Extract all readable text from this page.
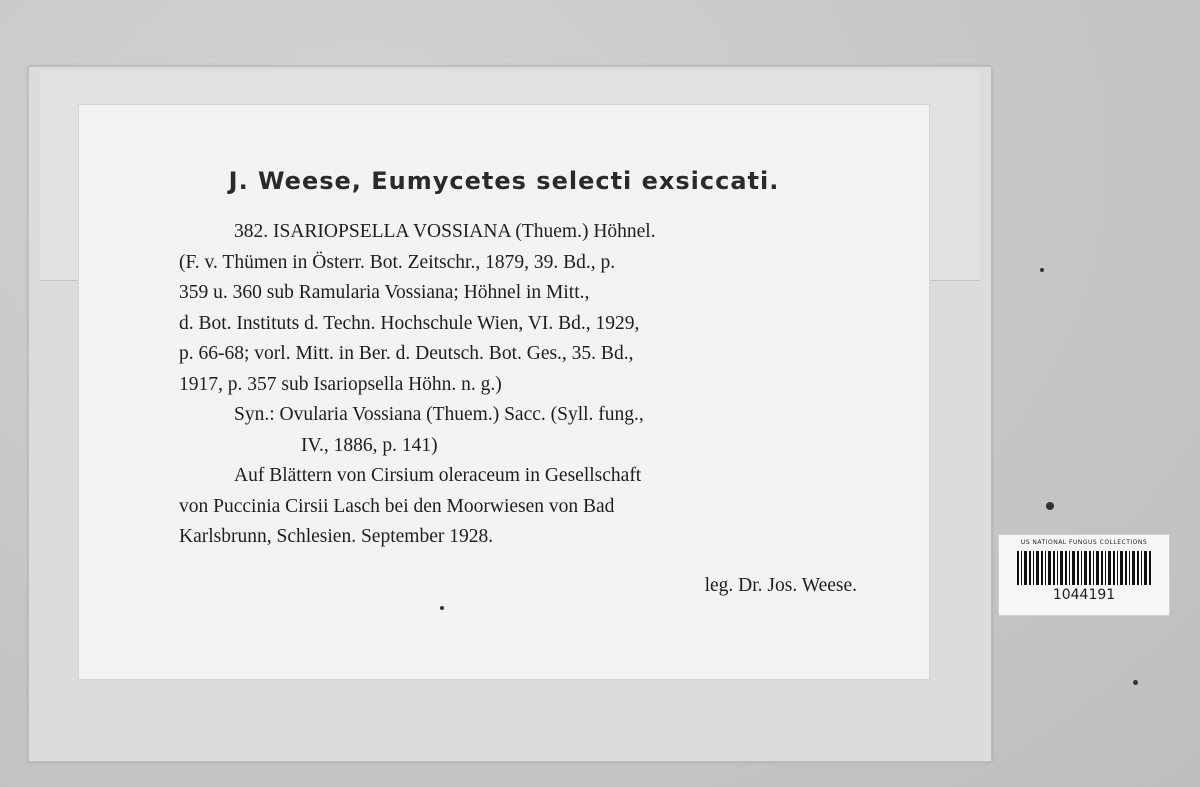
J. Weese, Eumycetes selecti exsiccati.
382. ISARIOPSELLA VOSSIANA (Thuem.) Höhnel.
(F. v. Thümen in Österr. Bot. Zeitschr., 1879, 39. Bd., p.
359 u. 360 sub Ramularia Vossiana; Höhnel in Mitt.,
d. Bot. Instituts d. Techn. Hochschule Wien, VI. Bd., 1929,
p. 66-68; vorl. Mitt. in Ber. d. Deutsch. Bot. Ges., 35. Bd.,
1917, p. 357 sub Isariopsella Höhn. n. g.)
Syn.: Ovularia Vossiana (Thuem.) Sacc. (Syll. fung.,
IV., 1886, p. 141)
Auf Blättern von Cirsium oleraceum in Gesellschaft
von Puccinia Cirsii Lasch bei den Moorwiesen von Bad
Karlsbrunn, Schlesien. September 1928.
leg. Dr. Jos. Weese.
US NATIONAL FUNGUS COLLECTIONS
1044191
